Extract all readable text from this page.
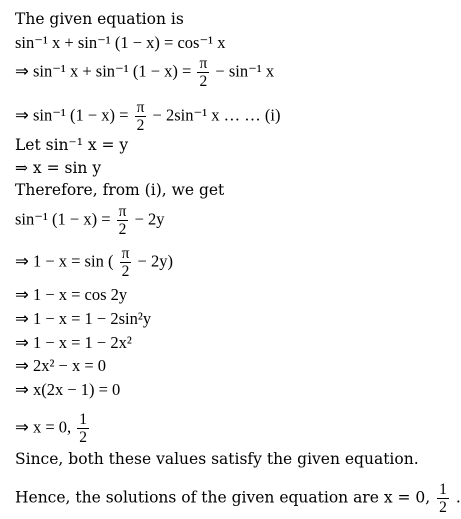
The given equation is
sin⁻¹ x + sin⁻¹ (1 − x) = cos⁻¹ x
⇒ sin⁻¹ x + sin⁻¹ $(1 - x) = \frac{\pi}{2} - \sin^{-1}$ x
⇒ sin⁻¹ $(1 - x) = \frac{\pi}{2} - 2\sin^{-1}$ x … … (i)
Let sin⁻¹ x = y
⇒ x = sin y
Therefore, from (i), we get
sin⁻¹ $(1 - x) = \frac{\pi}{2} - 2y$
⇒ 1 − x = sin ( $\frac{\pi}{2} - 2y$)
⇒ 1 − x = cos 2y
⇒ 1 − x = 1 − 2sin²y
⇒ 1 − x = 1 − 2x²
⇒ 2x² − x = 0
⇒ x(2x − 1) = 0
⇒ x = 0, $\frac{1}{2}$
Since, both these values satisfy the given equation.
Hence, the solutions of the given equation are x = 0, $\frac{1}{2}$ .
